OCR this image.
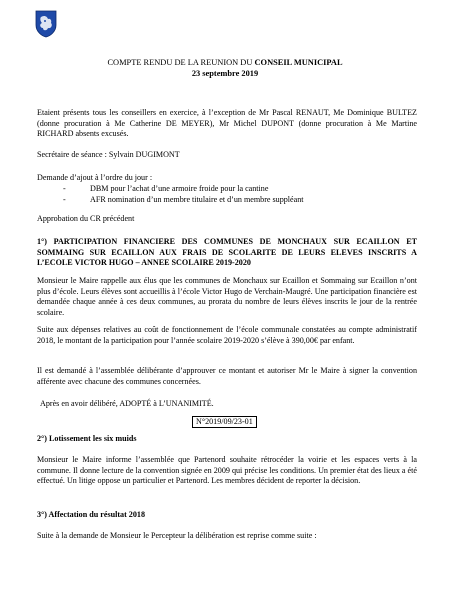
COMPTE RENDU DE LA REUNION DU CONSEIL MUNICIPAL
23 septembre 2019
Etaient présents tous les conseillers en exercice, à l’exception de Mr Pascal RENAUT, Me Dominique BULTEZ (donne procuration à Me Catherine DE MEYER), Mr Michel DUPONT (donne procuration à Me Martine RICHARD absents excusés.
Secrétaire de séance : Sylvain DUGIMONT
Demande d’ajout à l’ordre du jour :
-	DBM pour l’achat d’une armoire froide pour la cantine
-	AFR nomination d’un membre titulaire et d’un membre suppléant
Approbation du CR précédent
1°) PARTICIPATION FINANCIERE DES COMMUNES DE MONCHAUX SUR ECAILLON ET SOMMAING SUR ECAILLON AUX FRAIS DE SCOLARITE DE LEURS ELEVES INSCRITS A L’ECOLE VICTOR HUGO – ANNEE SCOLAIRE 2019-2020
Monsieur le Maire rappelle aux élus que les communes de Monchaux sur Ecaillon et Sommaing sur Ecaillon n’ont plus d’école. Leurs élèves sont accueillis à l’école Victor Hugo de Verchain-Maugré. Une participation financière est demandée chaque année à ces deux communes, au prorata du nombre de leurs élèves inscrits le jour de la rentrée scolaire.
Suite aux dépenses relatives au coût de fonctionnement de l’école communale constatées au compte administratif 2018, le montant de la participation pour l’année scolaire 2019-2020 s’élève à 390,00€ par enfant.
Il est demandé à l’assemblée délibérante d’approuver ce montant et autoriser Mr le Maire à signer la convention afférente avec chacune des communes concernées.
Après en avoir délibéré, ADOPTÉ à L’UNANIMITÉ.
N°2019/09/23-01
2°) Lotissement les six muids
Monsieur le Maire informe l’assemblée que Partenord souhaite rétrocéder la voirie et les espaces verts à la commune. Il donne lecture de la convention signée en 2009 qui précise les conditions. Un premier état des lieux a été effectué. Un litige oppose un particulier et Partenord. Les membres décident de reporter la décision.
3°) Affectation du résultat 2018
Suite à la demande de Monsieur le Percepteur la délibération est reprise comme suite :
